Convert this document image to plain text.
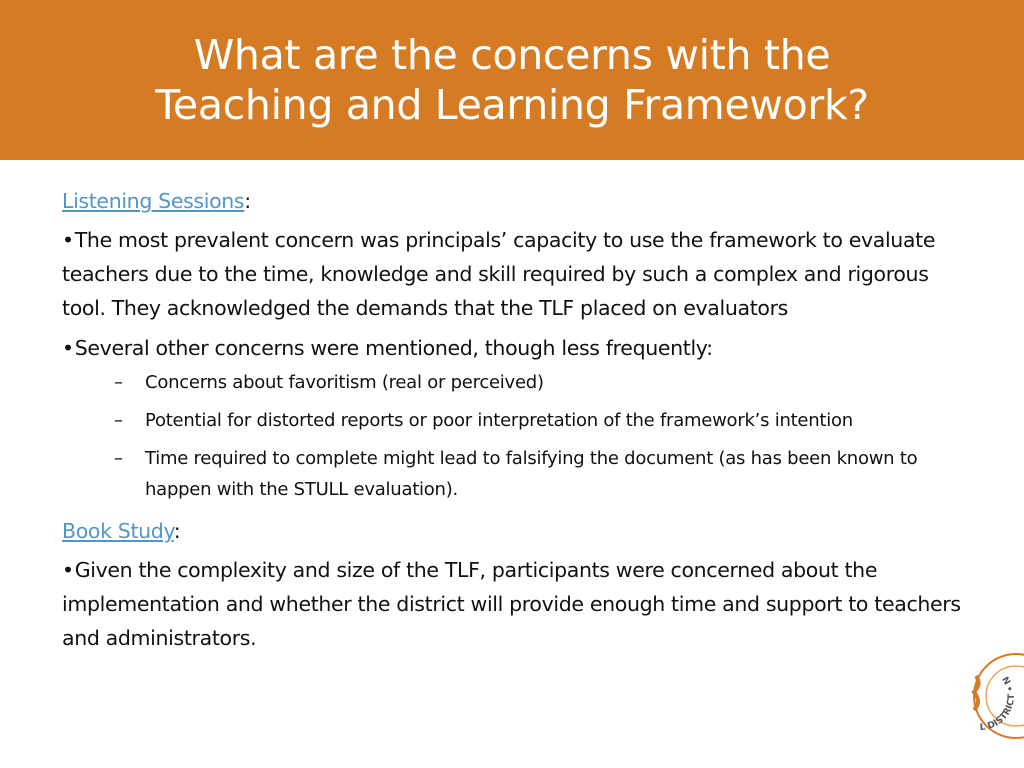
What are the concerns with the
Teaching and Learning Framework?

Listening Sessions:

•The most prevalent concern was principals’ capacity to use the framework to evaluate teachers due to the time, knowledge and skill required by such a complex and rigorous tool. They acknowledged the demands that the TLF placed on evaluators

•Several other concerns were mentioned, though less frequently:

– Concerns about favoritism (real or perceived)
– Potential for distorted reports or poor interpretation of the framework’s intention
– Time required to complete might lead to falsifying the document (as has been known to happen with the STULL evaluation).

Book Study:

•Given the complexity and size of the TLF, participants were concerned about the implementation and whether the district will provide enough time and support to teachers and administrators.

L DISTRICT • N
